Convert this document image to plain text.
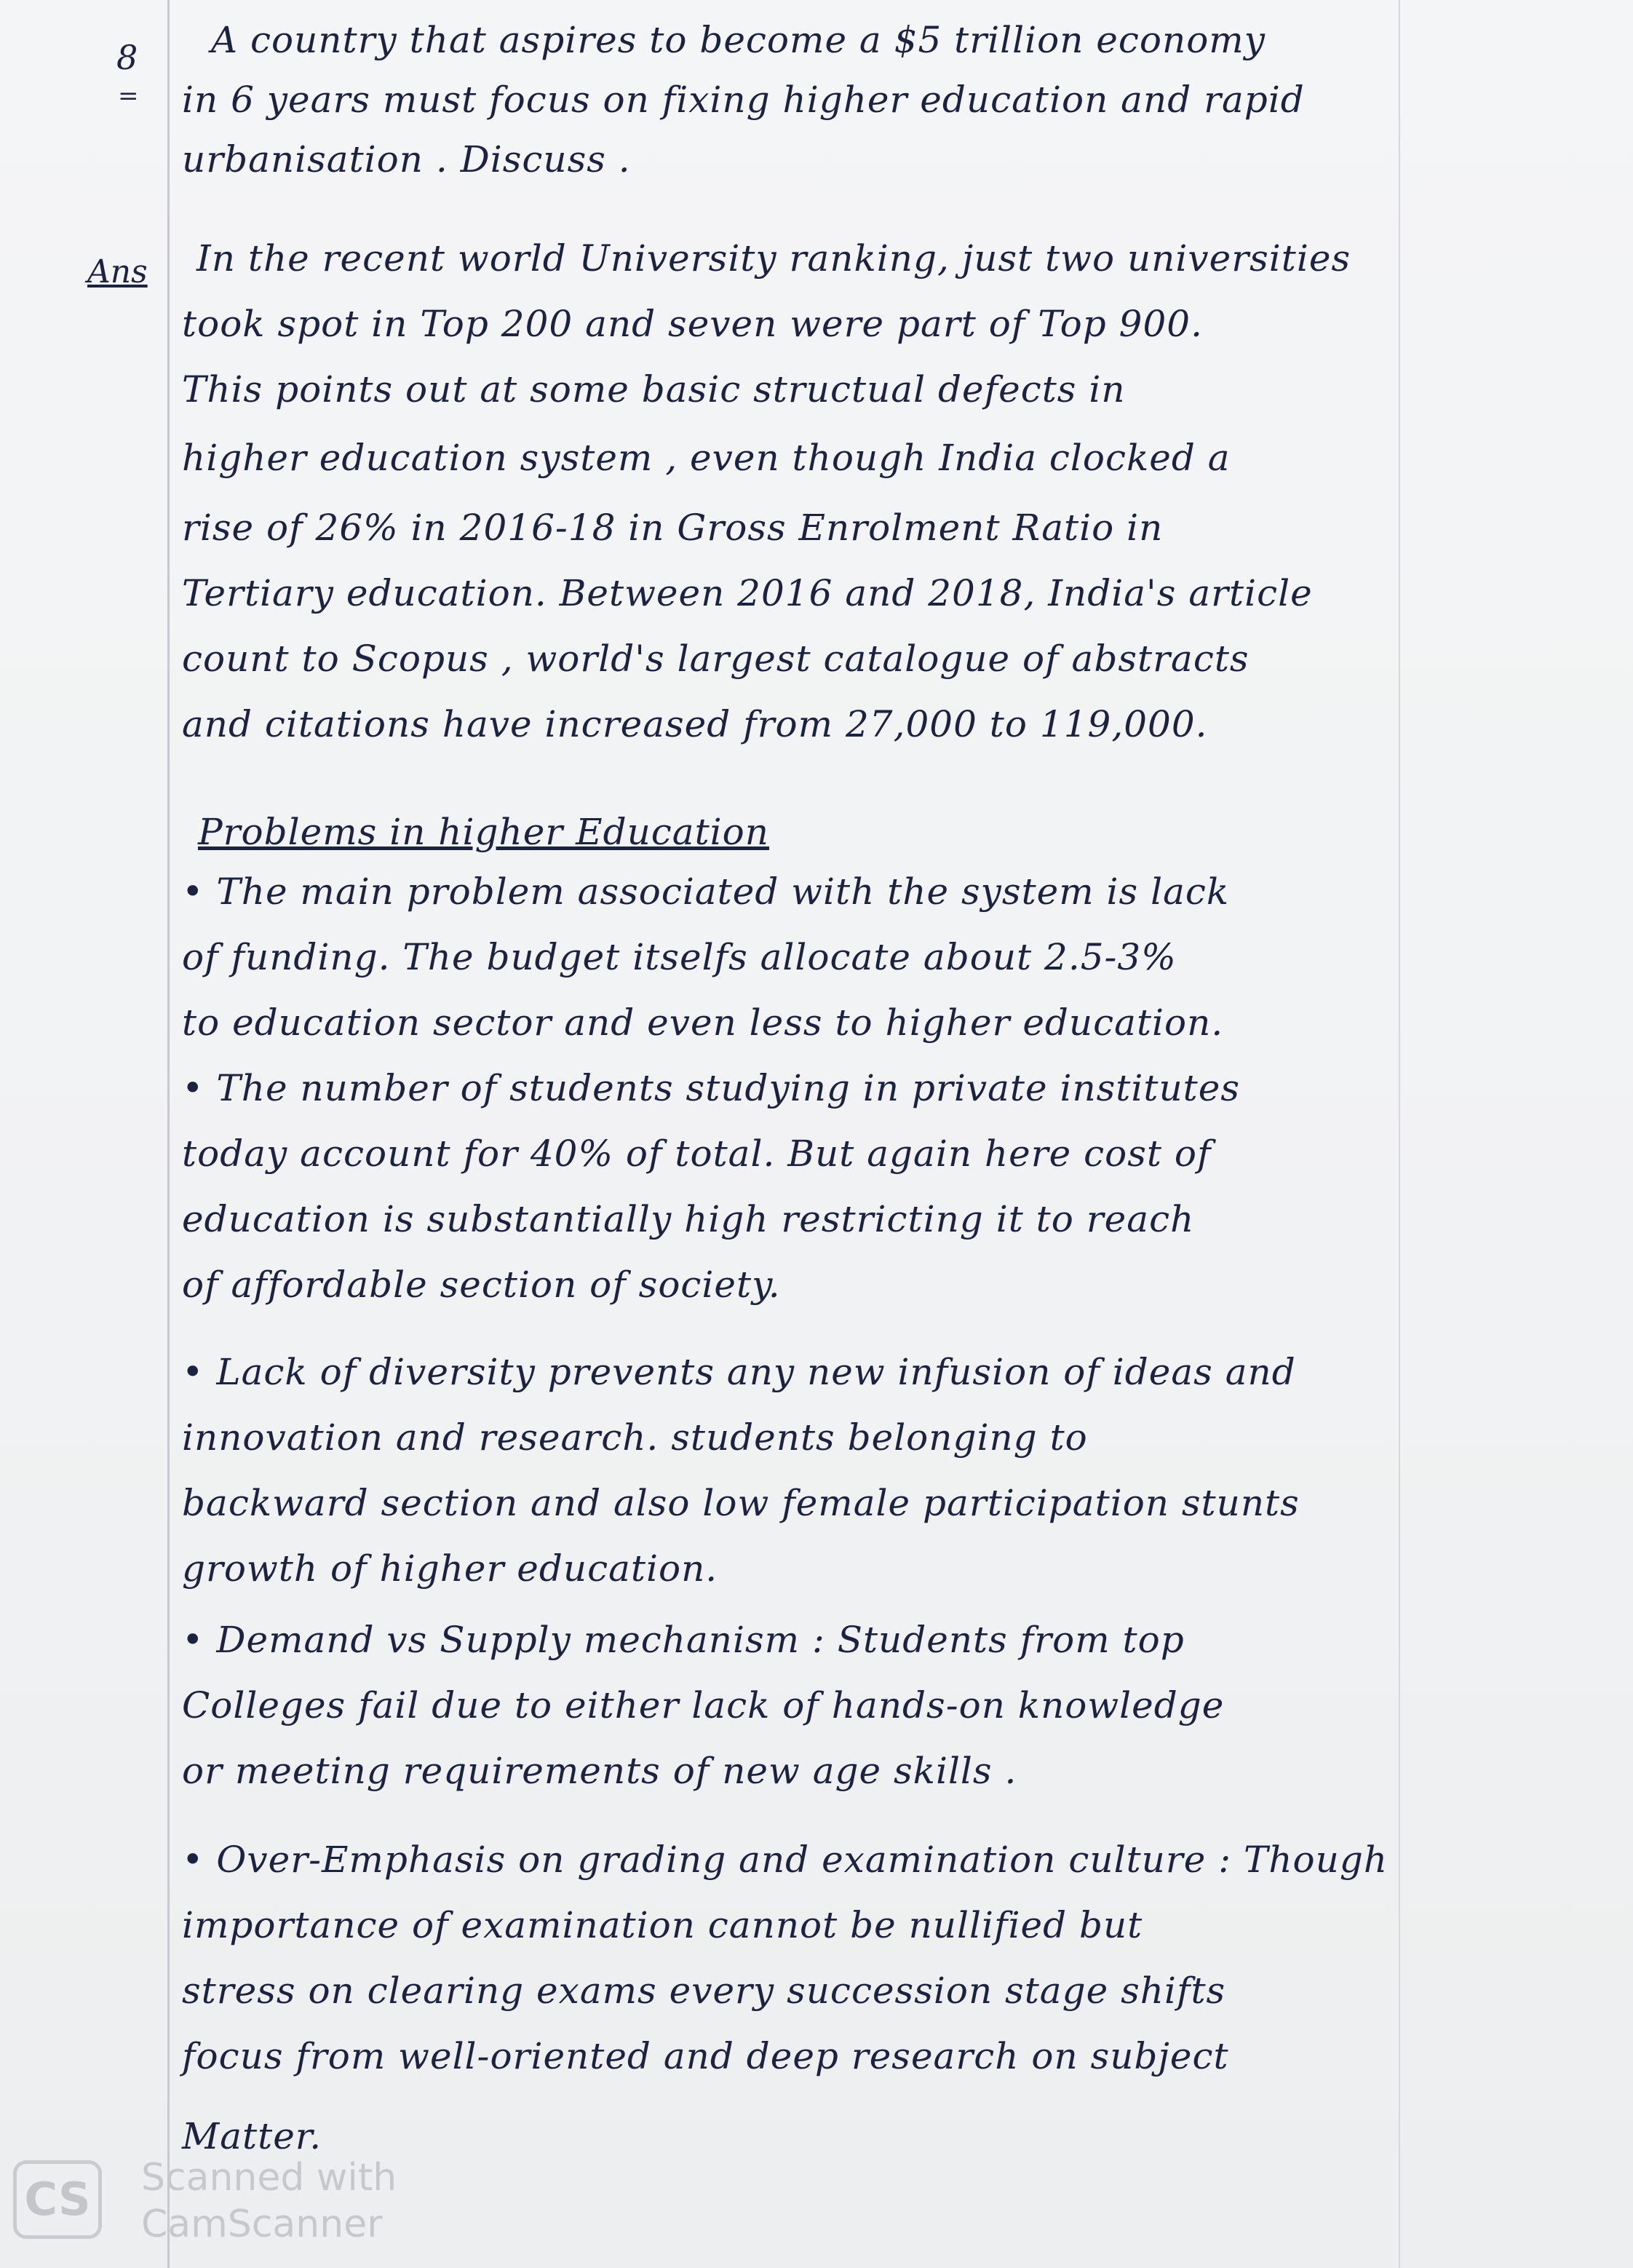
8
=
A country that aspires to become a $5 trillion economy
in 6 years must focus on fixing higher education and rapid
urbanisation . Discuss .
Ans In the recent world University ranking, just two universities
took spot in Top 200 and seven were part of Top 900.
This points out at some basic structual defects in
higher education system , even though India clocked a
rise of 26% in 2016-18 in Gross Enrolment Ratio in
Tertiary education. Between 2016 and 2018, India's article
count to Scopus , world's largest catalogue of abstracts
and citations have increased from 27,000 to 119,000.
Problems in higher Education
• The main problem associated with the system is lack
of funding. The budget itselfs allocate about 2.5-3%
to education sector and even less to higher education.
• The number of students studying in private institutes
today account for 40% of total. But again here cost of
education is substantially high restricting it to reach
of affordable section of society.
• Lack of diversity prevents any new infusion of ideas and
innovation and research. students belonging to
backward section and also low female participation stunts
growth of higher education.
• Demand vs Supply mechanism : Students from top
Colleges fail due to either lack of hands-on knowledge
or meeting requirements of new age skills .
• Over-Emphasis on grading and examination culture : Though
importance of examination cannot be nullified but
stress on clearing exams every succession stage shifts
focus from well-oriented and deep research on subject
Matter.
CS Scanned with
CamScanner
